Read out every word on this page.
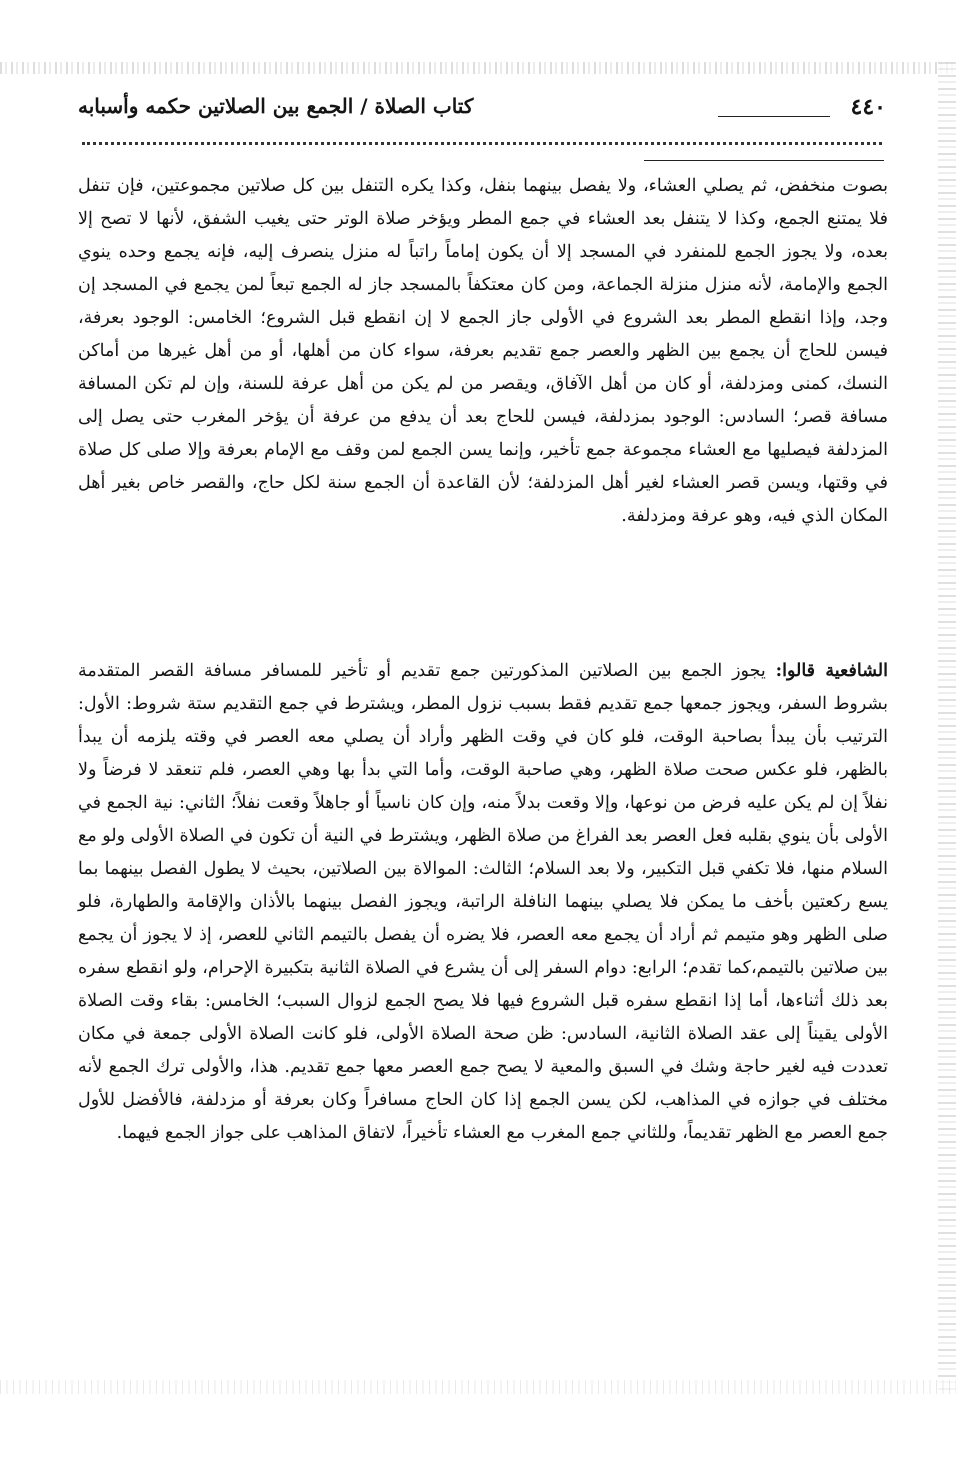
٤٤٠
كتاب الصلاة / الجمع بين الصلاتين حكمه وأسبابه
بصوت منخفض، ثم يصلي العشاء، ولا يفصل بينهما بنفل، وكذا يكره التنفل بين كل صلاتين مجموعتين، فإن تنفل فلا يمتنع الجمع، وكذا لا يتنفل بعد العشاء في جمع المطر ويؤخر صلاة الوتر حتى يغيب الشفق، لأنها لا تصح إلا بعده، ولا يجوز الجمع للمنفرد في المسجد إلا أن يكون إماماً راتباً له منزل ينصرف إليه، فإنه يجمع وحده ينوي الجمع والإمامة، لأنه منزل منزلة الجماعة، ومن كان معتكفاً بالمسجد جاز له الجمع تبعاً لمن يجمع في المسجد إن وجد، وإذا انقطع المطر بعد الشروع في الأولى جاز الجمع لا إن انقطع قبل الشروع؛ الخامس: الوجود بعرفة، فيسن للحاج أن يجمع بين الظهر والعصر جمع تقديم بعرفة، سواء كان من أهلها، أو من أهل غيرها من أماكن النسك، كمنى ومزدلفة، أو كان من أهل الآفاق، ويقصر من لم يكن من أهل عرفة للسنة، وإن لم تكن المسافة مسافة قصر؛ السادس: الوجود بمزدلفة، فيسن للحاج بعد أن يدفع من عرفة أن يؤخر المغرب حتى يصل إلى المزدلفة فيصليها مع العشاء مجموعة جمع تأخير، وإنما يسن الجمع لمن وقف مع الإمام بعرفة وإلا صلى كل صلاة في وقتها، ويسن قصر العشاء لغير أهل المزدلفة؛ لأن القاعدة أن الجمع سنة لكل حاج، والقصر خاص بغير أهل المكان الذي فيه، وهو عرفة ومزدلفة.
الشافعية قالوا: يجوز الجمع بين الصلاتين المذكورتين جمع تقديم أو تأخير للمسافر مسافة القصر المتقدمة بشروط السفر، ويجوز جمعها جمع تقديم فقط بسبب نزول المطر، ويشترط في جمع التقديم ستة شروط: الأول: الترتيب بأن يبدأ بصاحبة الوقت، فلو كان في وقت الظهر وأراد أن يصلي معه العصر في وقته يلزمه أن يبدأ بالظهر، فلو عكس صحت صلاة الظهر، وهي صاحبة الوقت، وأما التي بدأ بها وهي العصر، فلم تنعقد لا فرضاً ولا نفلاً إن لم يكن عليه فرض من نوعها، وإلا وقعت بدلاً منه، وإن كان ناسياً أو جاهلاً وقعت نفلاً؛ الثاني: نية الجمع في الأولى بأن ينوي بقلبه فعل العصر بعد الفراغ من صلاة الظهر، ويشترط في النية أن تكون في الصلاة الأولى ولو مع السلام منها، فلا تكفي قبل التكبير، ولا بعد السلام؛ الثالث: الموالاة بين الصلاتين، بحيث لا يطول الفصل بينهما بما يسع ركعتين بأخف ما يمكن فلا يصلي بينهما النافلة الراتبة، ويجوز الفصل بينهما بالأذان والإقامة والطهارة، فلو صلى الظهر وهو متيمم ثم أراد أن يجمع معه العصر، فلا يضره أن يفصل بالتيمم الثاني للعصر، إذ لا يجوز أن يجمع بين صلاتين بالتيمم،كما تقدم؛ الرابع: دوام السفر إلى أن يشرع في الصلاة الثانية بتكبيرة الإحرام، ولو انقطع سفره بعد ذلك أثناءها، أما إذا انقطع سفره قبل الشروع فيها فلا يصح الجمع لزوال السبب؛ الخامس: بقاء وقت الصلاة الأولى يقيناً إلى عقد الصلاة الثانية، السادس: ظن صحة الصلاة الأولى، فلو كانت الصلاة الأولى جمعة في مكان تعددت فيه لغير حاجة وشك في السبق والمعية لا يصح جمع العصر معها جمع تقديم. هذا، والأولى ترك الجمع لأنه مختلف في جوازه في المذاهب، لكن يسن الجمع إذا كان الحاج مسافراً وكان بعرفة أو مزدلفة، فالأفضل للأول جمع العصر مع الظهر تقديماً، وللثاني جمع المغرب مع العشاء تأخيراً، لاتفاق المذاهب على جواز الجمع فيهما.
